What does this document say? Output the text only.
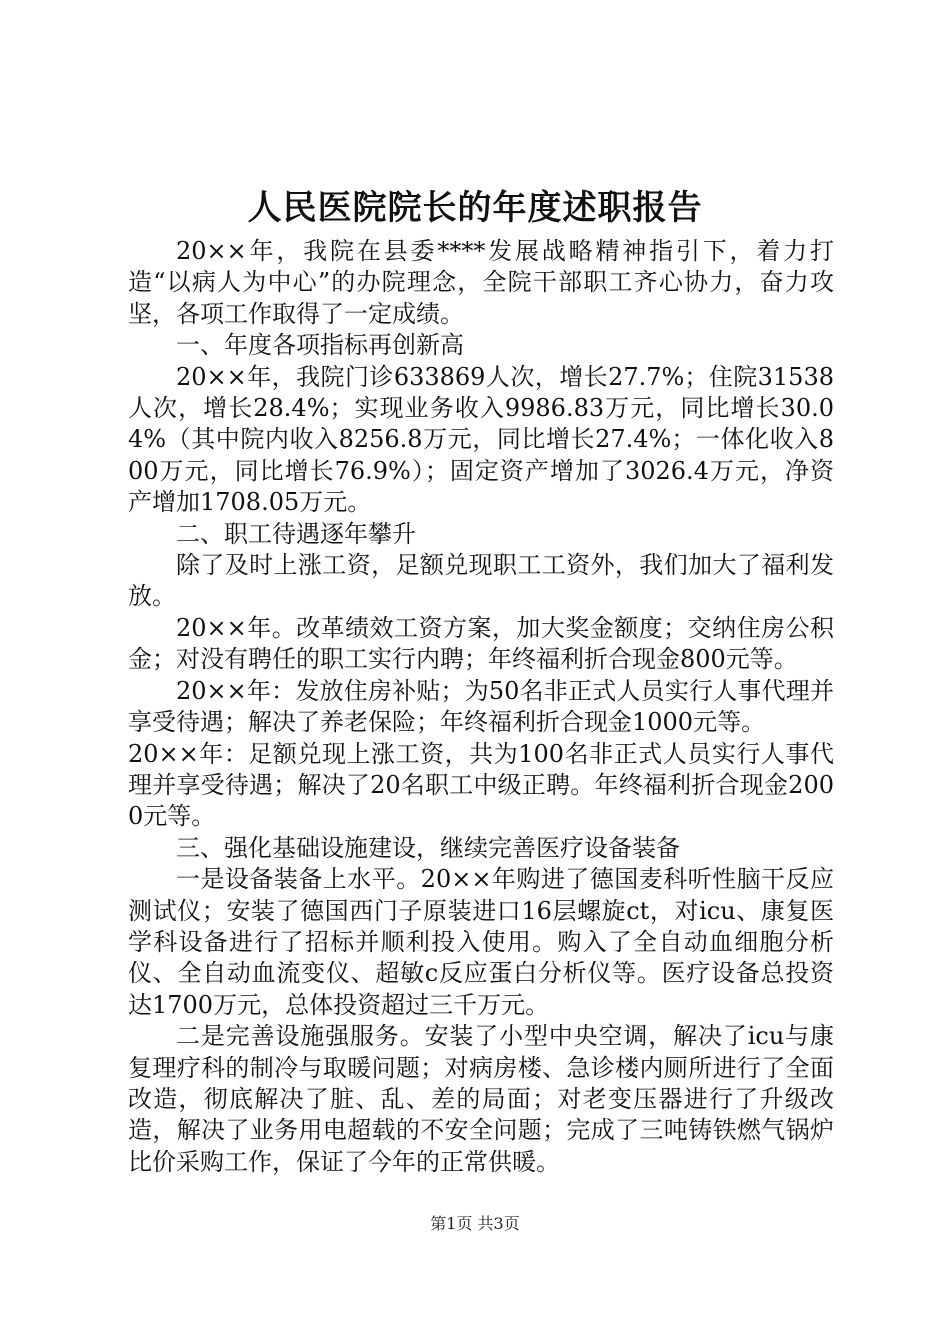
人民医院院长的年度述职报告

20××年，我院在县委****发展战略精神指引下，着力打造“以病人为中心”的办院理念，全院干部职工齐心协力，奋力攻坚，各项工作取得了一定成绩。

一、年度各项指标再创新高

20××年，我院门诊633869人次，增长27.7%；住院31538人次，增长28.4%；实现业务收入9986.83万元，同比增长30.04%（其中院内收入8256.8万元，同比增长27.4%；一体化收入800万元，同比增长76.9%）；固定资产增加了3026.4万元，净资产增加1708.05万元。

二、职工待遇逐年攀升

除了及时上涨工资，足额兑现职工工资外，我们加大了福利发放。

20××年。改革绩效工资方案，加大奖金额度；交纳住房公积金；对没有聘任的职工实行内聘；年终福利折合现金800元等。

20××年：发放住房补贴；为50名非正式人员实行人事代理并享受待遇；解决了养老保险；年终福利折合现金1000元等。

20××年：足额兑现上涨工资，共为100名非正式人员实行人事代理并享受待遇；解决了20名职工中级正聘。年终福利折合现金2000元等。

三、强化基础设施建设，继续完善医疗设备装备

一是设备装备上水平。20××年购进了德国麦科听性脑干反应测试仪；安装了德国西门子原装进口16层螺旋ct，对icu、康复医学科设备进行了招标并顺利投入使用。购入了全自动血细胞分析仪、全自动血流变仪、超敏c反应蛋白分析仪等。医疗设备总投资达1700万元，总体投资超过三千万元。

二是完善设施强服务。安装了小型中央空调，解决了icu与康复理疗科的制冷与取暖问题；对病房楼、急诊楼内厕所进行了全面改造，彻底解决了脏、乱、差的局面；对老变压器进行了升级改造，解决了业务用电超载的不安全问题；完成了三吨铸铁燃气锅炉比价采购工作，保证了今年的正常供暖。

第1页 共3页
